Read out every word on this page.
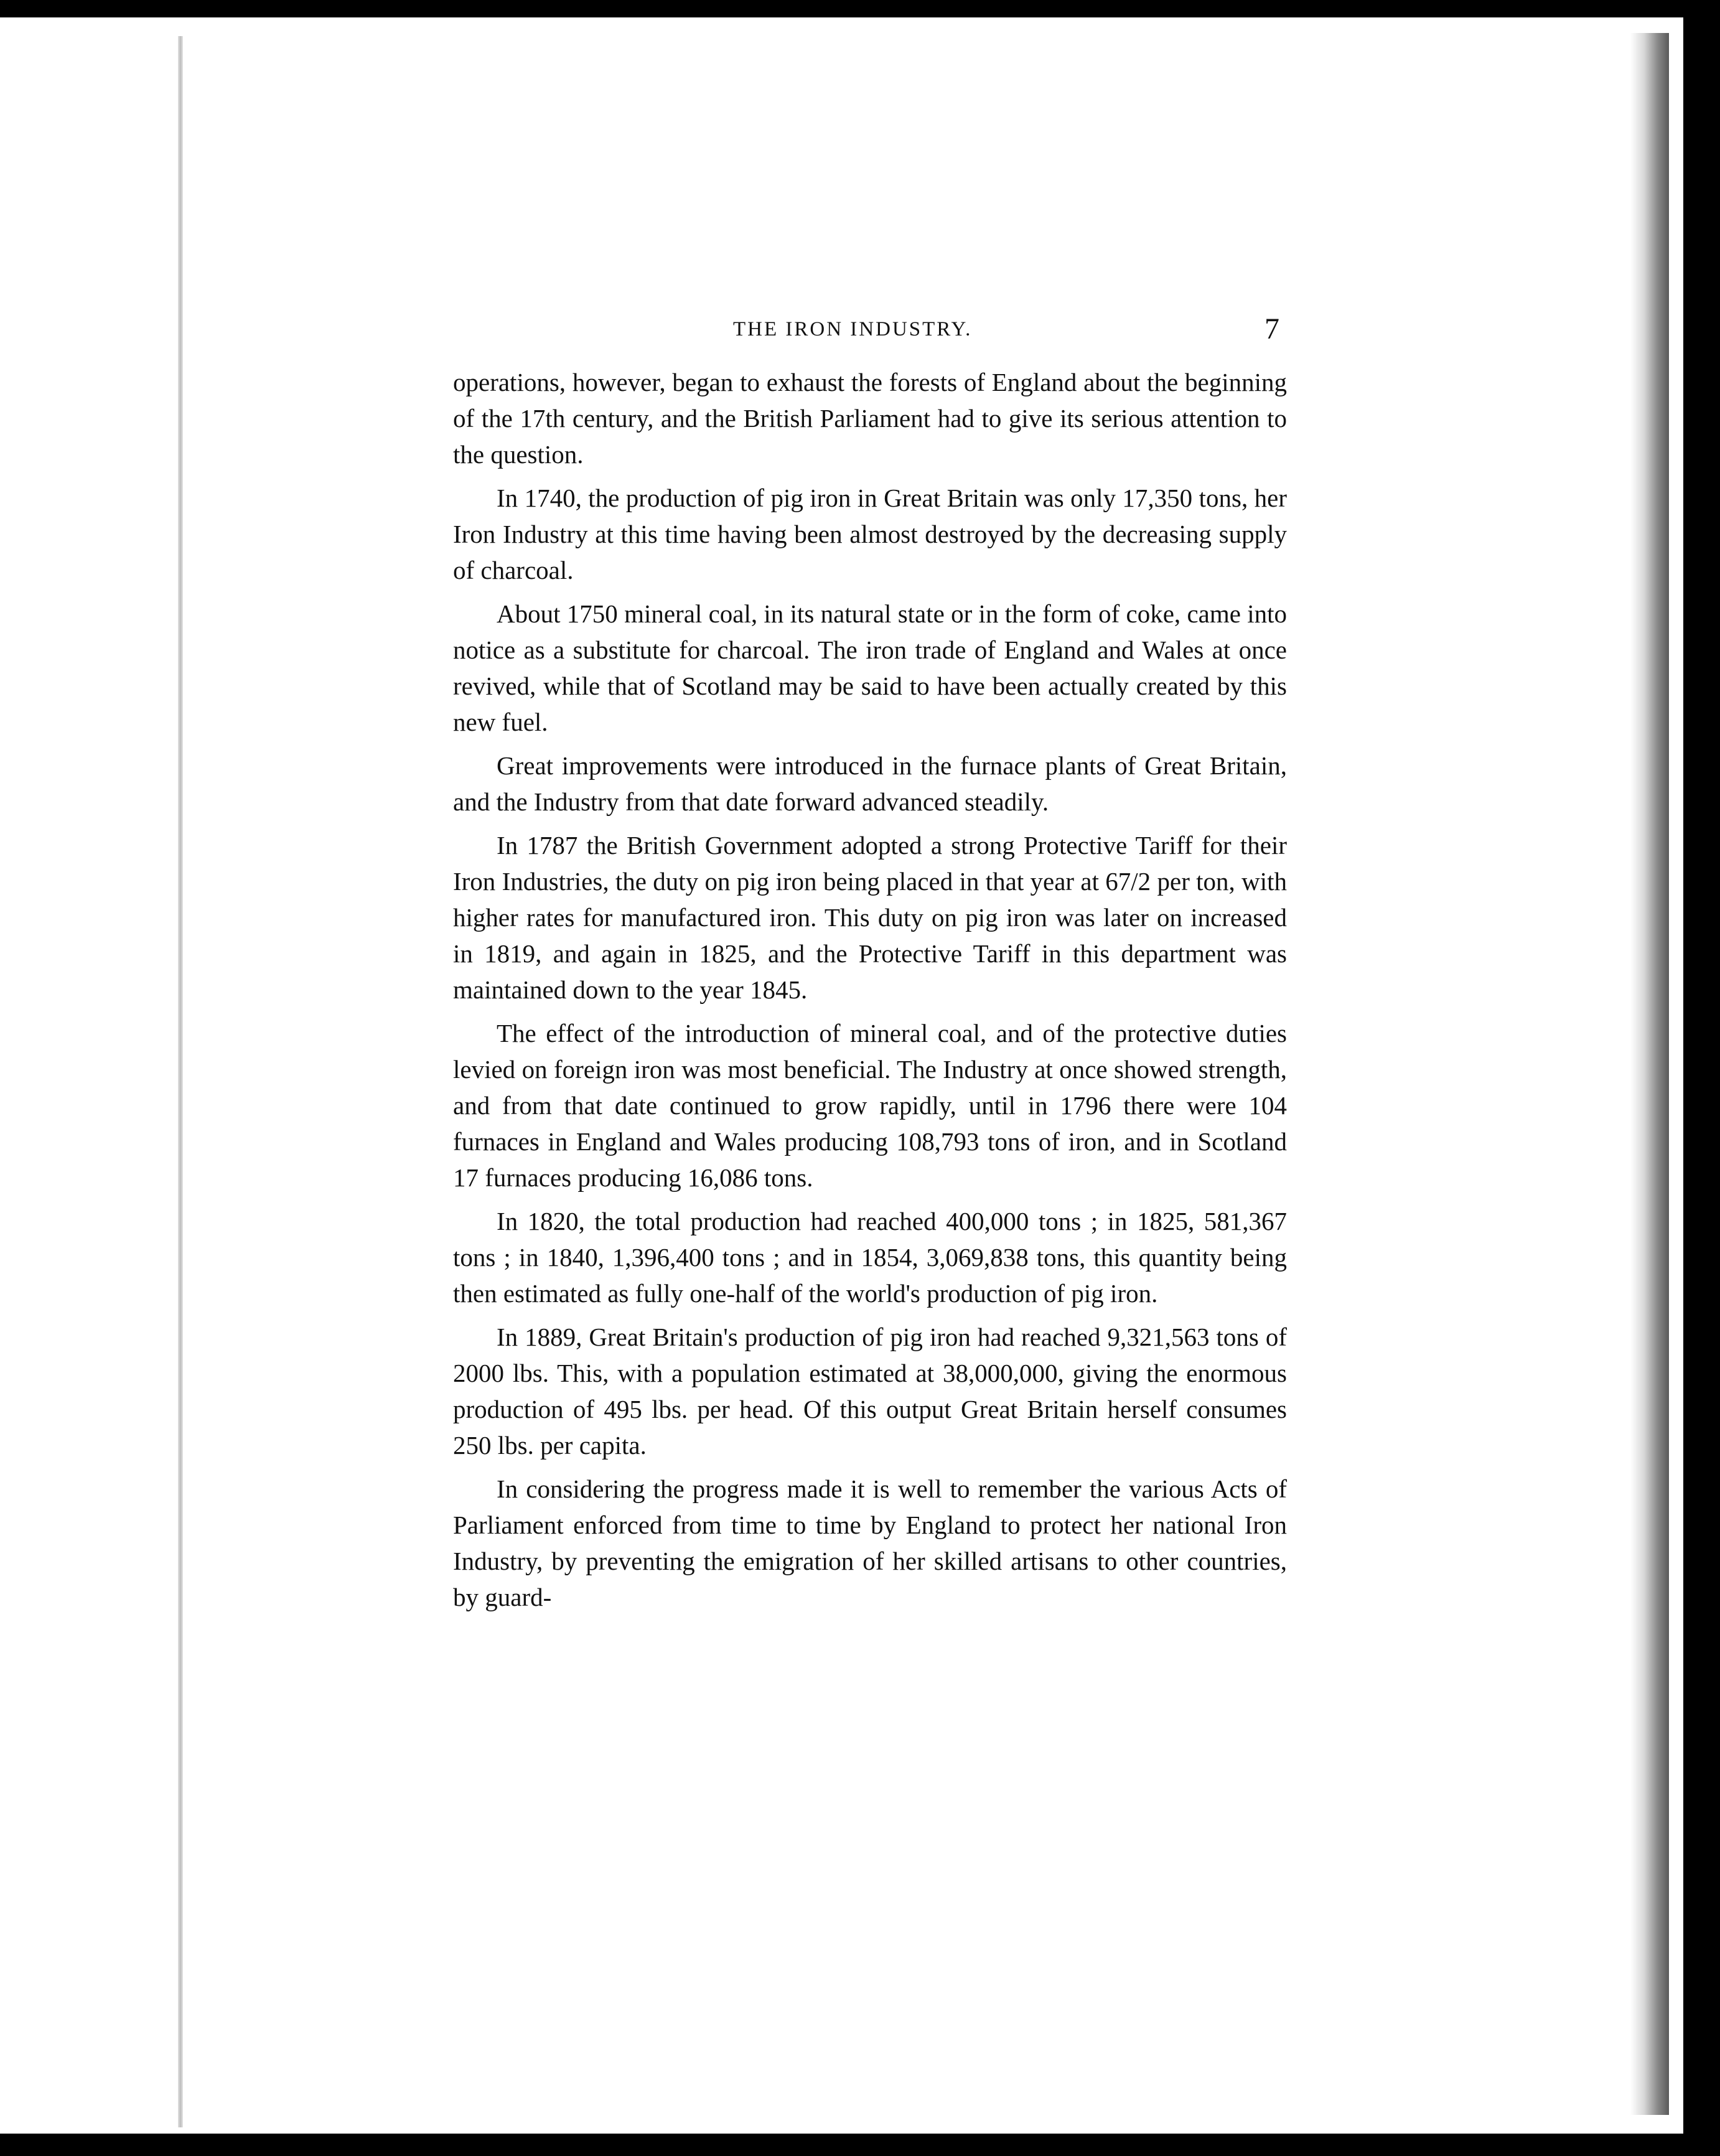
THE IRON INDUSTRY.	7

operations, however, began to exhaust the forests of England about the beginning of the 17th century, and the British Parliament had to give its serious attention to the question.

In 1740, the production of pig iron in Great Britain was only 17,350 tons, her Iron Industry at this time having been almost destroyed by the decreasing supply of charcoal.

About 1750 mineral coal, in its natural state or in the form of coke, came into notice as a substitute for charcoal. The iron trade of England and Wales at once revived, while that of Scotland may be said to have been actually created by this new fuel.

Great improvements were introduced in the furnace plants of Great Britain, and the Industry from that date forward advanced steadily.

In 1787 the British Government adopted a strong Protective Tariff for their Iron Industries, the duty on pig iron being placed in that year at 67/2 per ton, with higher rates for manufactured iron. This duty on pig iron was later on increased in 1819, and again in 1825, and the Protective Tariff in this department was maintained down to the year 1845.

The effect of the introduction of mineral coal, and of the protective duties levied on foreign iron was most beneficial. The Industry at once showed strength, and from that date continued to grow rapidly, until in 1796 there were 104 furnaces in England and Wales producing 108,793 tons of iron, and in Scotland 17 furnaces producing 16,086 tons.

In 1820, the total production had reached 400,000 tons ; in 1825, 581,367 tons ; in 1840, 1,396,400 tons ; and in 1854, 3,069,838 tons, this quantity being then estimated as fully one-half of the world's production of pig iron.

In 1889, Great Britain's production of pig iron had reached 9,321,563 tons of 2000 lbs. This, with a population estimated at 38,000,000, giving the enormous production of 495 lbs. per head. Of this output Great Britain herself consumes 250 lbs. per capita.

In considering the progress made it is well to remember the various Acts of Parliament enforced from time to time by England to protect her national Iron Industry, by preventing the emigration of her skilled artisans to other countries, by guard-
